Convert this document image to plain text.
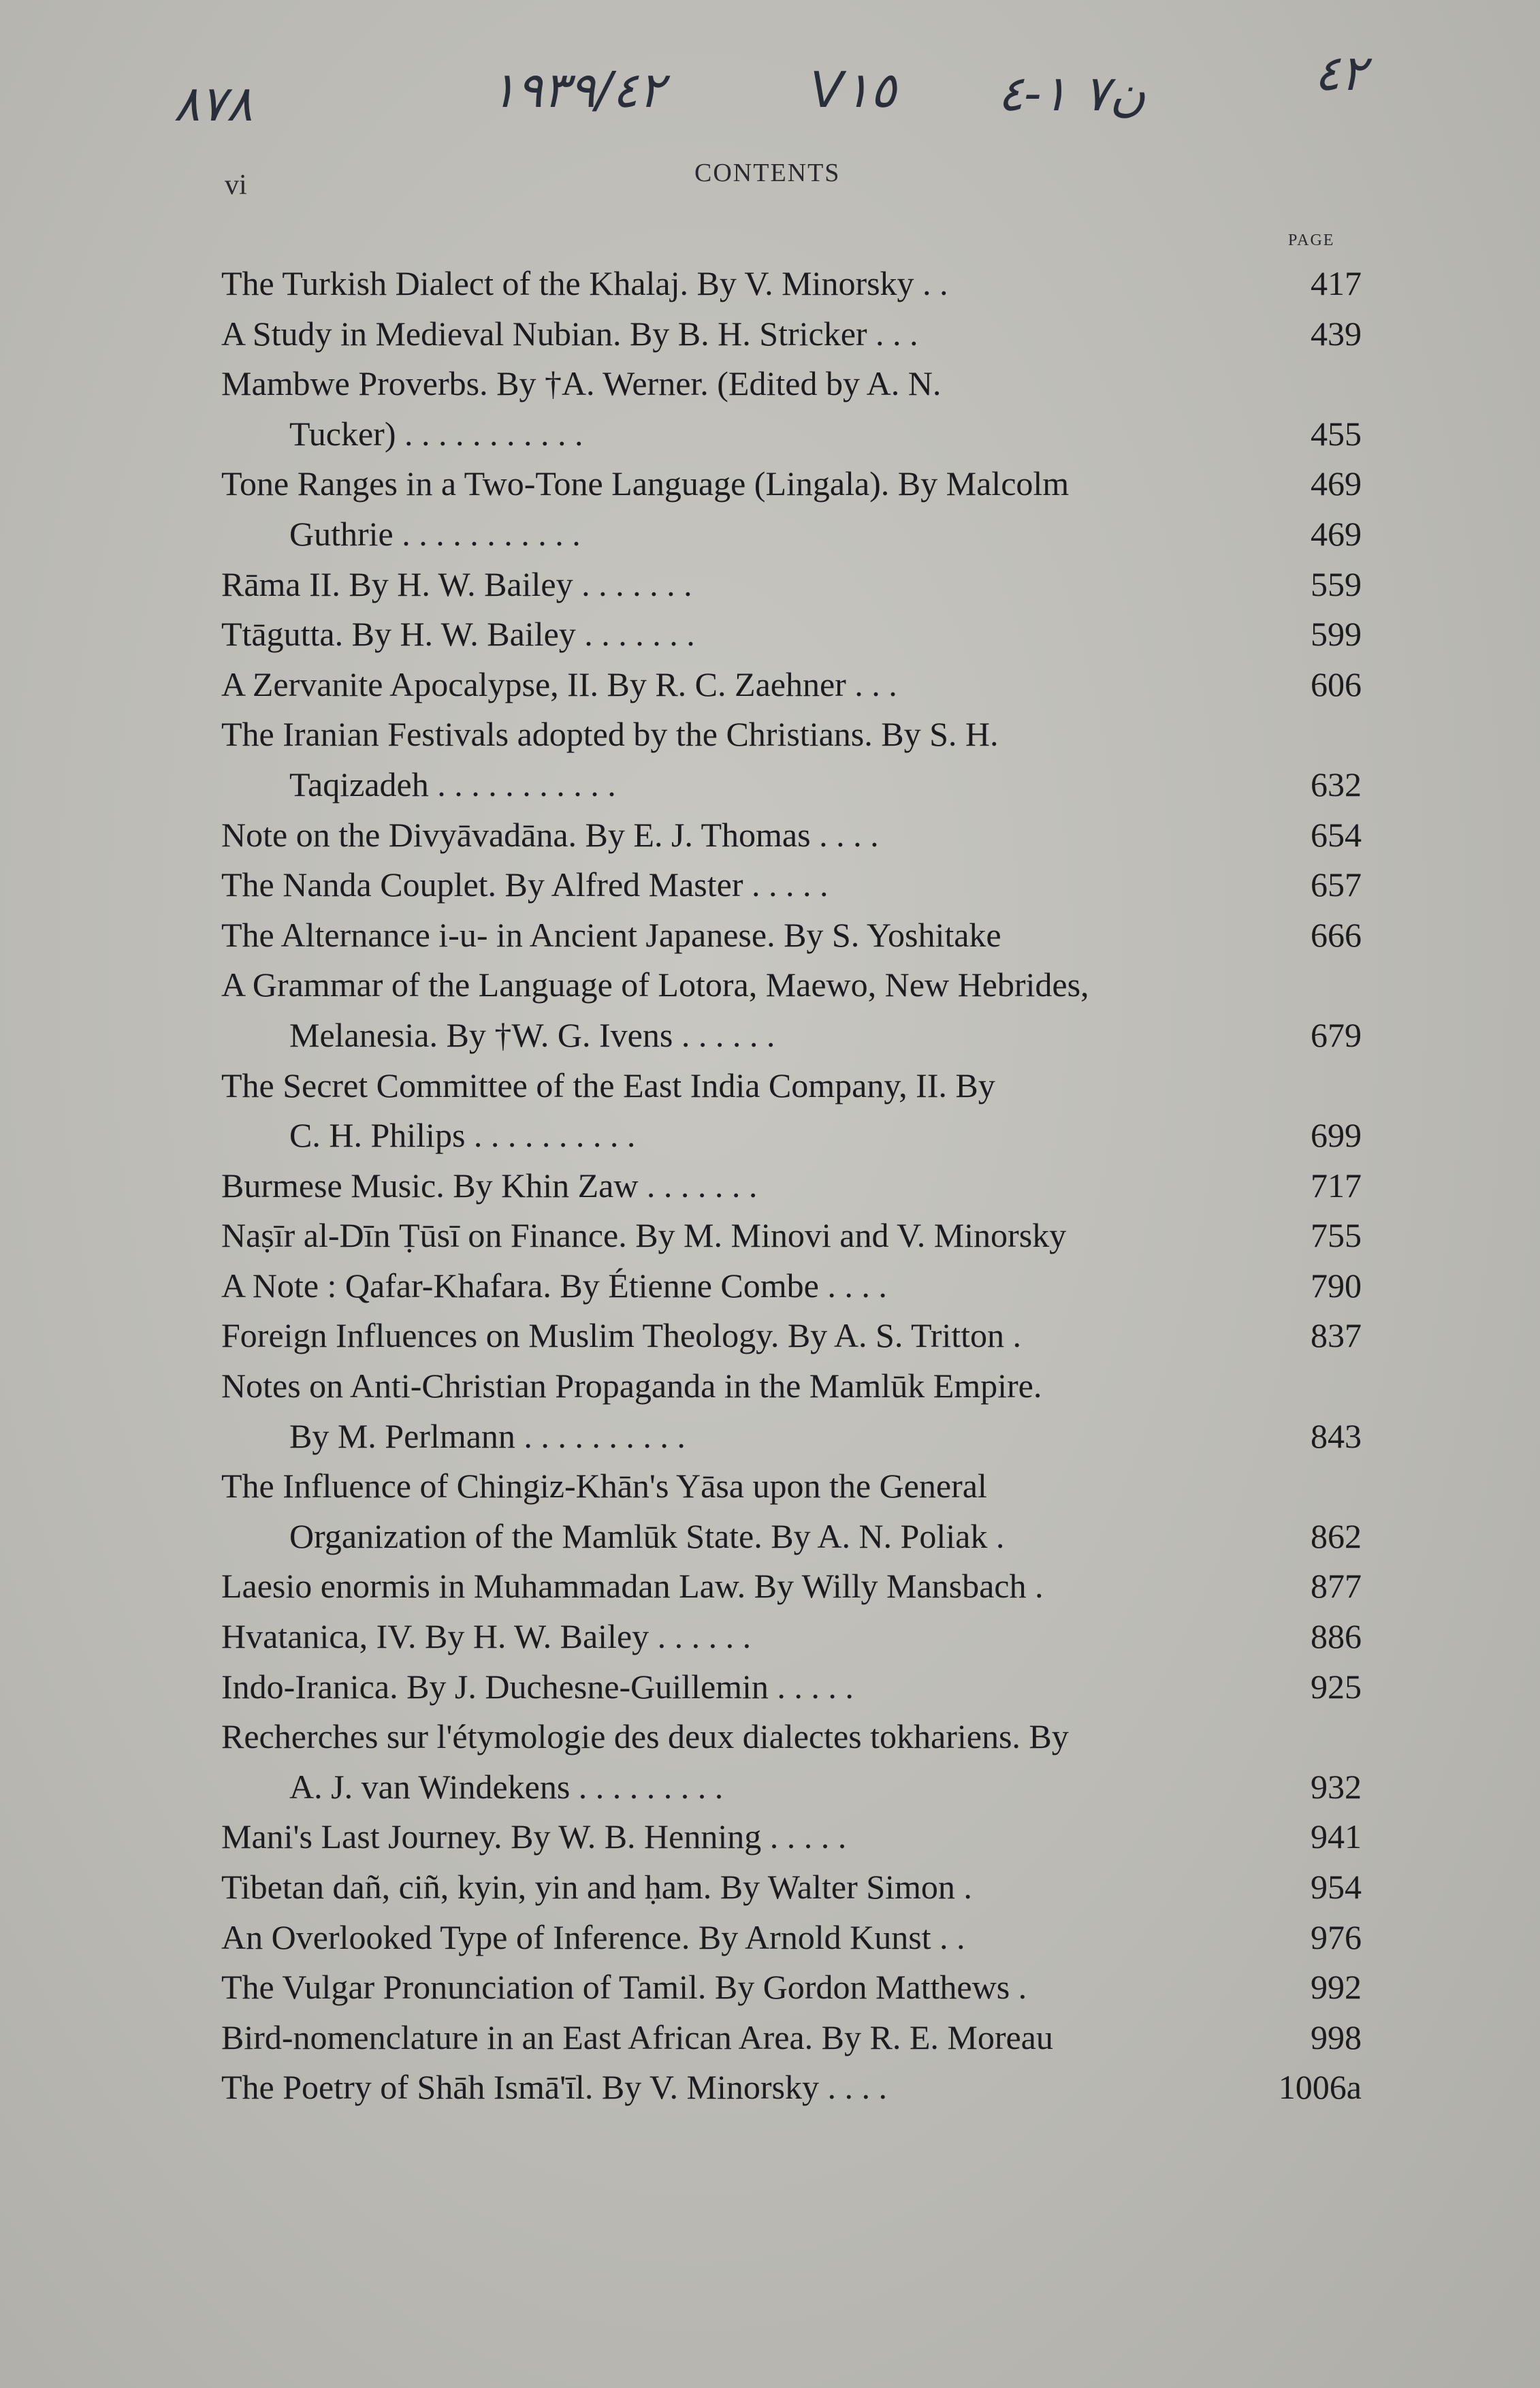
٨٧٨	١٩٣٩/٤٢	V١٥ ن٧ ١-٤	٤٢
vi	CONTENTS
PAGE
The Turkish Dialect of the Khalaj. By V. Minorsky . .	417
A Study in Medieval Nubian. By B. H. Stricker . . .	439
Mambwe Proverbs. By †A. Werner. (Edited by A. N.
Tucker) . . . . . . . . . . .	455
Tone Ranges in a Two-Tone Language (Lingala). By Malcolm	469
Guthrie . . . . . . . . . . .	469
Rāma II. By H. W. Bailey . . . . . . .	559
Ttāgutta. By H. W. Bailey . . . . . . .	599
A Zervanite Apocalypse, II. By R. C. Zaehner . . .	606
The Iranian Festivals adopted by the Christians. By S. H.
Taqizadeh . . . . . . . . . . .	632
Note on the Divyāvadāna. By E. J. Thomas . . . .	654
The Nanda Couplet. By Alfred Master . . . . .	657
The Alternance i-u- in Ancient Japanese. By S. Yoshitake	666
A Grammar of the Language of Lotora, Maewo, New Hebrides,
Melanesia. By †W. G. Ivens . . . . . .	679
The Secret Committee of the East India Company, II. By
C. H. Philips . . . . . . . . . .	699
Burmese Music. By Khin Zaw . . . . . . .	717
Naṣīr al-Dīn Ṭūsī on Finance. By M. Minovi and V. Minorsky	755
A Note : Qafar-Khafara. By Étienne Combe . . . .	790
Foreign Influences on Muslim Theology. By A. S. Tritton .	837
Notes on Anti-Christian Propaganda in the Mamlūk Empire.
By M. Perlmann . . . . . . . . . .	843
The Influence of Chingiz-Khān's Yāsa upon the General
Organization of the Mamlūk State. By A. N. Poliak .	862
Laesio enormis in Muhammadan Law. By Willy Mansbach .	877
Hvatanica, IV. By H. W. Bailey . . . . . .	886
Indo-Iranica. By J. Duchesne-Guillemin . . . . .	925
Recherches sur l'étymologie des deux dialectes tokhariens. By
A. J. van Windekens . . . . . . . . .	932
Mani's Last Journey. By W. B. Henning . . . . .	941
Tibetan dañ, ciñ, kyin, yin and ḥam. By Walter Simon .	954
An Overlooked Type of Inference. By Arnold Kunst . .	976
The Vulgar Pronunciation of Tamil. By Gordon Matthews .	992
Bird-nomenclature in an East African Area. By R. E. Moreau	998
The Poetry of Shāh Ismā'īl. By V. Minorsky . . . .	1006a
